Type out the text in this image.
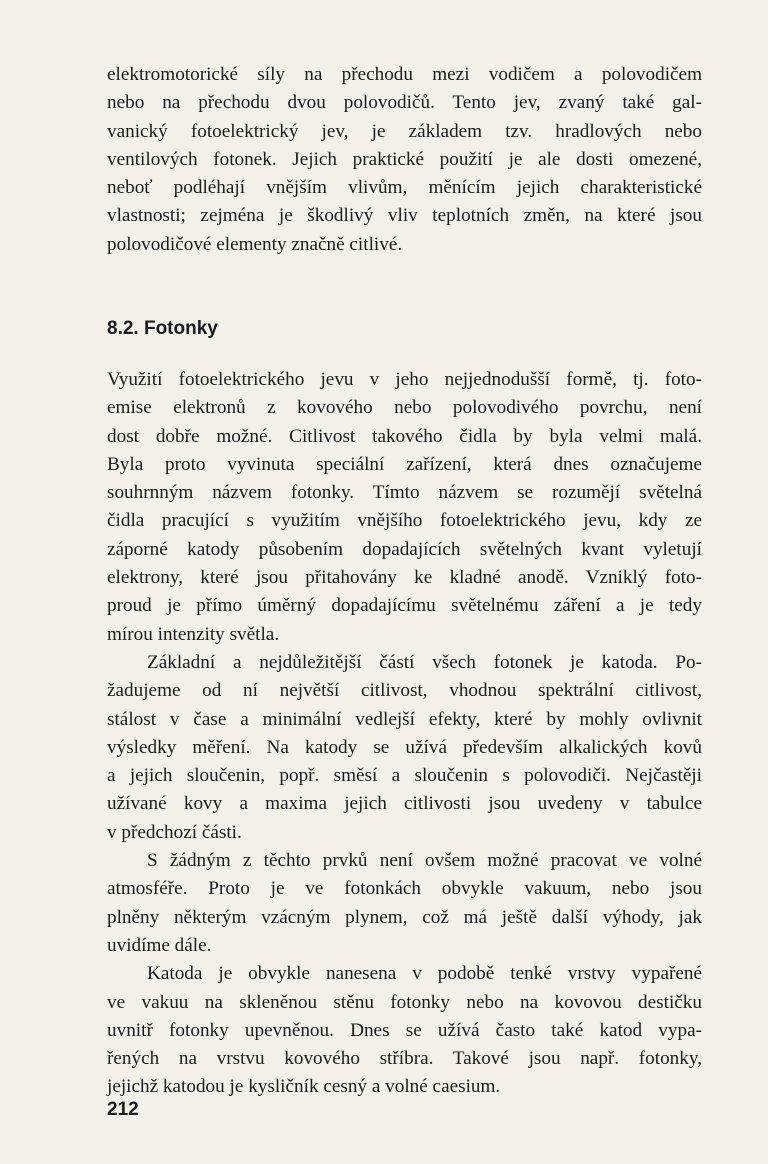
elektromotorické síly na přechodu mezi vodičem a polovodičem
nebo na přechodu dvou polovodičů. Tento jev, zvaný také gal-
vanický fotoelektrický jev, je základem tzv. hradlových nebo
ventilových fotonek. Jejich praktické použití je ale dosti omezené,
neboť podléhají vnějším vlivům, měnícím jejich charakteristické
vlastnosti; zejména je škodlivý vliv teplotních změn, na které jsou
polovodičové elementy značně citlivé.

8.2. Fotonky

Využití fotoelektrického jevu v jeho nejjednodušší formě, tj. foto-
emise elektronů z kovového nebo polovodivého povrchu, není
dost dobře možné. Citlivost takového čidla by byla velmi malá.
Byla proto vyvinuta speciální zařízení, která dnes označujeme
souhrnným názvem fotonky. Tímto názvem se rozumějí světelná
čidla pracující s využitím vnějšího fotoelektrického jevu, kdy ze
záporné katody působením dopadajících světelných kvant vyletují
elektrony, které jsou přitahovány ke kladné anodě. Vzniklý foto-
proud je přímo úměrný dopadajícímu světelnému záření a je tedy
mírou intenzity světla.

Základní a nejdůležitější částí všech fotonek je katoda. Po-
žadujeme od ní největší citlivost, vhodnou spektrální citlivost,
stálost v čase a minimální vedlejší efekty, které by mohly ovlivnit
výsledky měření. Na katody se užívá především alkalických kovů
a jejich sloučenin, popř. směsí a sloučenin s polovodiči. Nejčastěji
užívané kovy a maxima jejich citlivosti jsou uvedeny v tabulce
v předchozí části.

S žádným z těchto prvků není ovšem možné pracovat ve volné
atmosféře. Proto je ve fotonkách obvykle vakuum, nebo jsou
plněny některým vzácným plynem, což má ještě další výhody, jak
uvidíme dále.

Katoda je obvykle nanesena v podobě tenké vrstvy vypařené
ve vakuu na skleněnou stěnu fotonky nebo na kovovou destičku
uvnitř fotonky upevněnou. Dnes se užívá často také katod vypa-
řených na vrstvu kovového stříbra. Takové jsou např. fotonky,
jejichž katodou je kysličník cesný a volné caesium.

212
